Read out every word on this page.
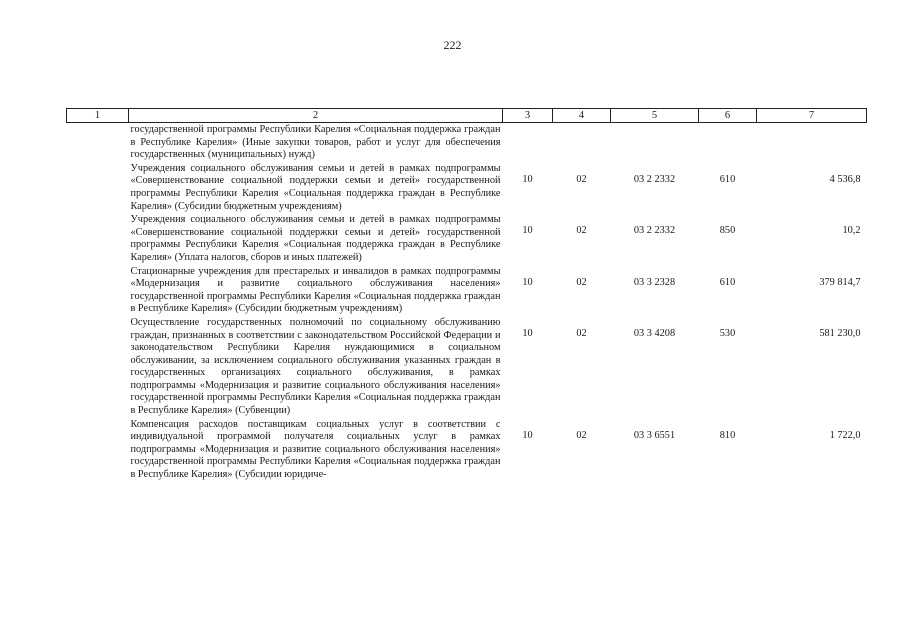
222
1	2	3	4	5	6	7
	государственной программы Республики Карелия «Социальная поддержка граждан в Республике Карелия» (Иные закупки товаров, работ и услуг для обеспечения государственных (муниципальных) нужд)					
	Учреждения социального обслуживания семьи и детей в рамках подпрограммы «Совершенствование социальной поддержки семьи и детей» государственной программы Республики Карелия «Социальная поддержка граждан в Республике Карелия» (Субсидии бюджетным учреждениям)	10	02	03 2 2332	610	4 536,8
	Учреждения социального обслуживания семьи и детей в рамках подпрограммы «Совершенствование социальной поддержки семьи и детей» государственной программы Республики Карелия «Социальная поддержка граждан в Республике Карелия» (Уплата налогов, сборов и иных платежей)	10	02	03 2 2332	850	10,2
	Стационарные учреждения для престарелых и инвалидов в рамках подпрограммы «Модернизация и развитие социального обслуживания населения» государственной программы Республики Карелия «Социальная поддержка граждан в Республике Карелия» (Субсидии бюджетным учреждениям)	10	02	03 3 2328	610	379 814,7
	Осуществление государственных полномочий по социальному обслуживанию граждан, признанных в соответствии с законодательством Российской Федерации и законодательством Республики Карелия нуждающимися в социальном обслуживании, за исключением социального обслуживания указанных граждан в государственных организациях социального обслуживания, в рамках подпрограммы «Модернизация и развитие социального обслуживания населения» государственной программы Республики Карелия «Социальная поддержка граждан в Республике Карелия» (Субвенции)	10	02	03 3 4208	530	581 230,0
	Компенсация расходов поставщикам социальных услуг в соответствии с индивидуальной программой получателя социальных услуг в рамках подпрограммы «Модернизация и развитие социального обслуживания населения» государственной программы Республики Карелия «Социальная поддержка граждан в Республике Карелия» (Субсидии юридиче-	10	02	03 3 6551	810	1 722,0
